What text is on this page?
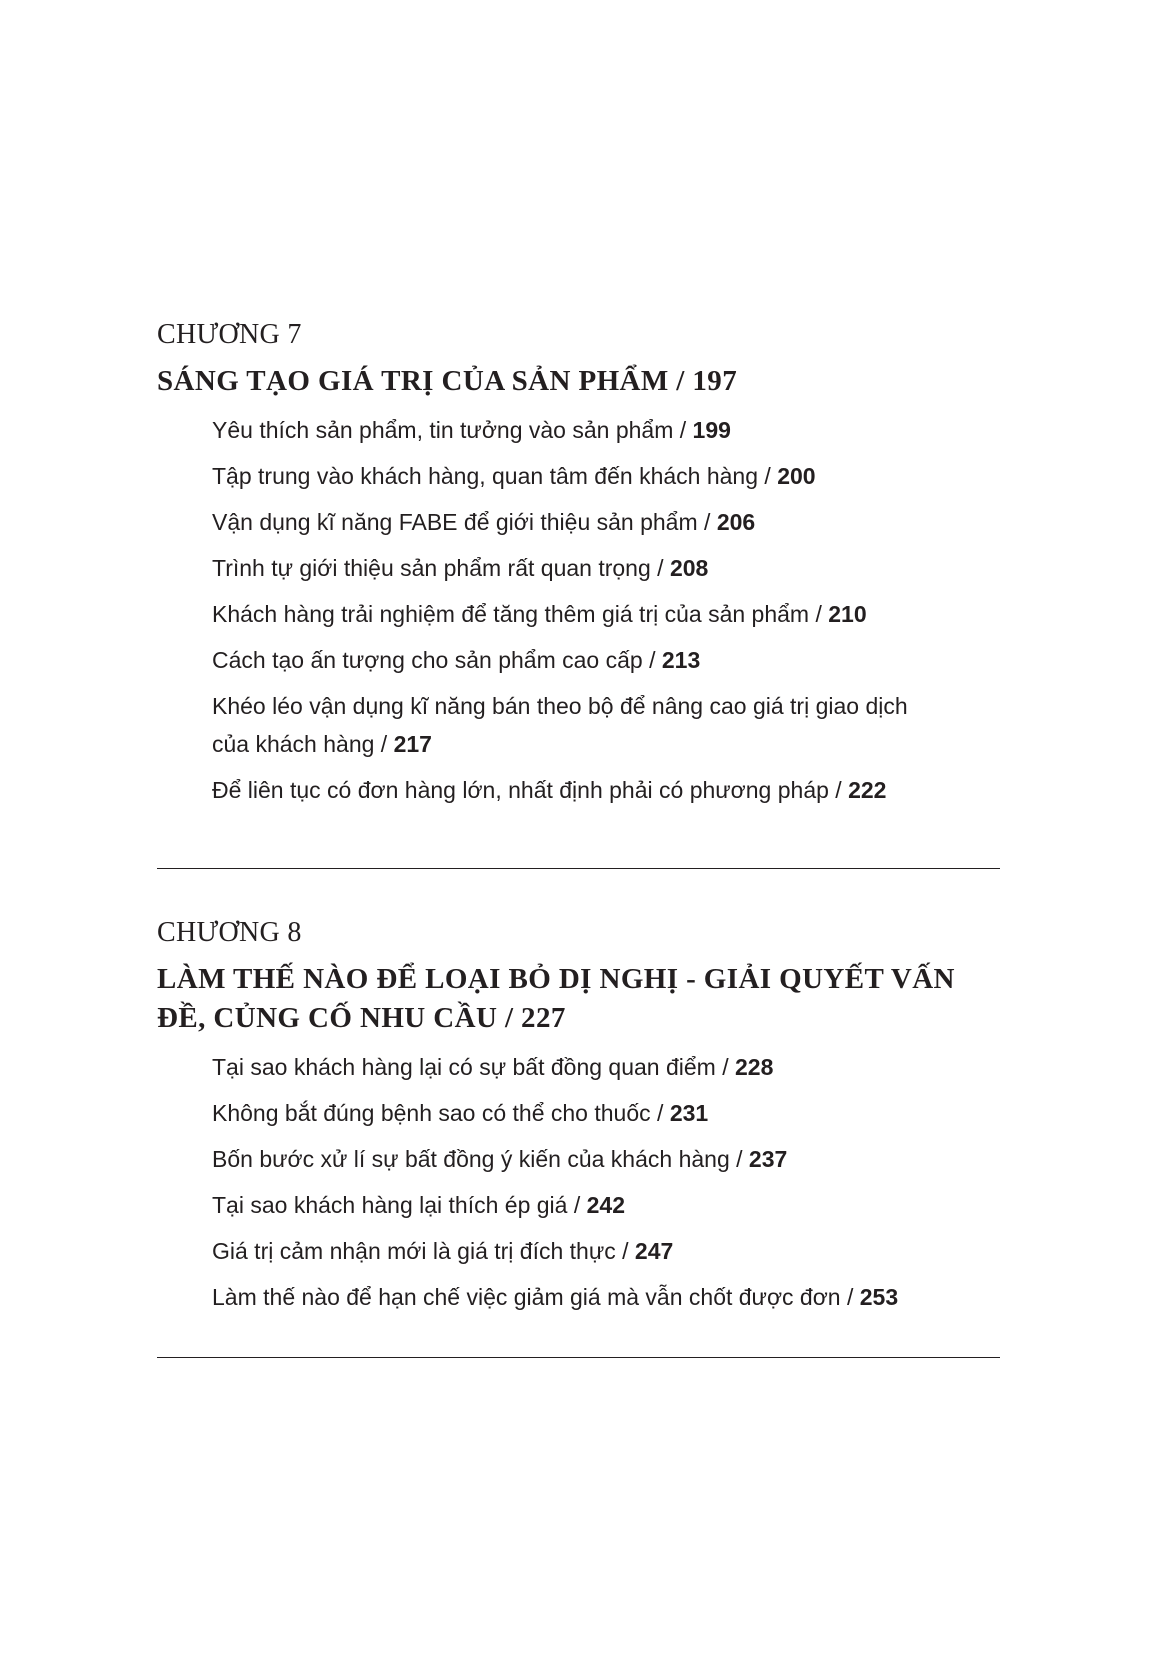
CHƯƠNG 7
SÁNG TẠO GIÁ TRỊ CỦA SẢN PHẨM / 197
Yêu thích sản phẩm, tin tưởng vào sản phẩm / 199
Tập trung vào khách hàng, quan tâm đến khách hàng / 200
Vận dụng kĩ năng FABE để giới thiệu sản phẩm / 206
Trình tự giới thiệu sản phẩm rất quan trọng / 208
Khách hàng trải nghiệm để tăng thêm giá trị của sản phẩm / 210
Cách tạo ấn tượng cho sản phẩm cao cấp / 213
Khéo léo vận dụng kĩ năng bán theo bộ để nâng cao giá trị giao dịch của khách hàng / 217
Để liên tục có đơn hàng lớn, nhất định phải có phương pháp / 222
CHƯƠNG 8
LÀM THẾ NÀO ĐỂ LOẠI BỎ DỊ NGHỊ - GIẢI QUYẾT VẤN ĐỀ, CỦNG CỐ NHU CẦU / 227
Tại sao khách hàng lại có sự bất đồng quan điểm / 228
Không bắt đúng bệnh sao có thể cho thuốc / 231
Bốn bước xử lí sự bất đồng ý kiến của khách hàng / 237
Tại sao khách hàng lại thích ép giá / 242
Giá trị cảm nhận mới là giá trị đích thực / 247
Làm thế nào để hạn chế việc giảm giá mà vẫn chốt được đơn / 253
